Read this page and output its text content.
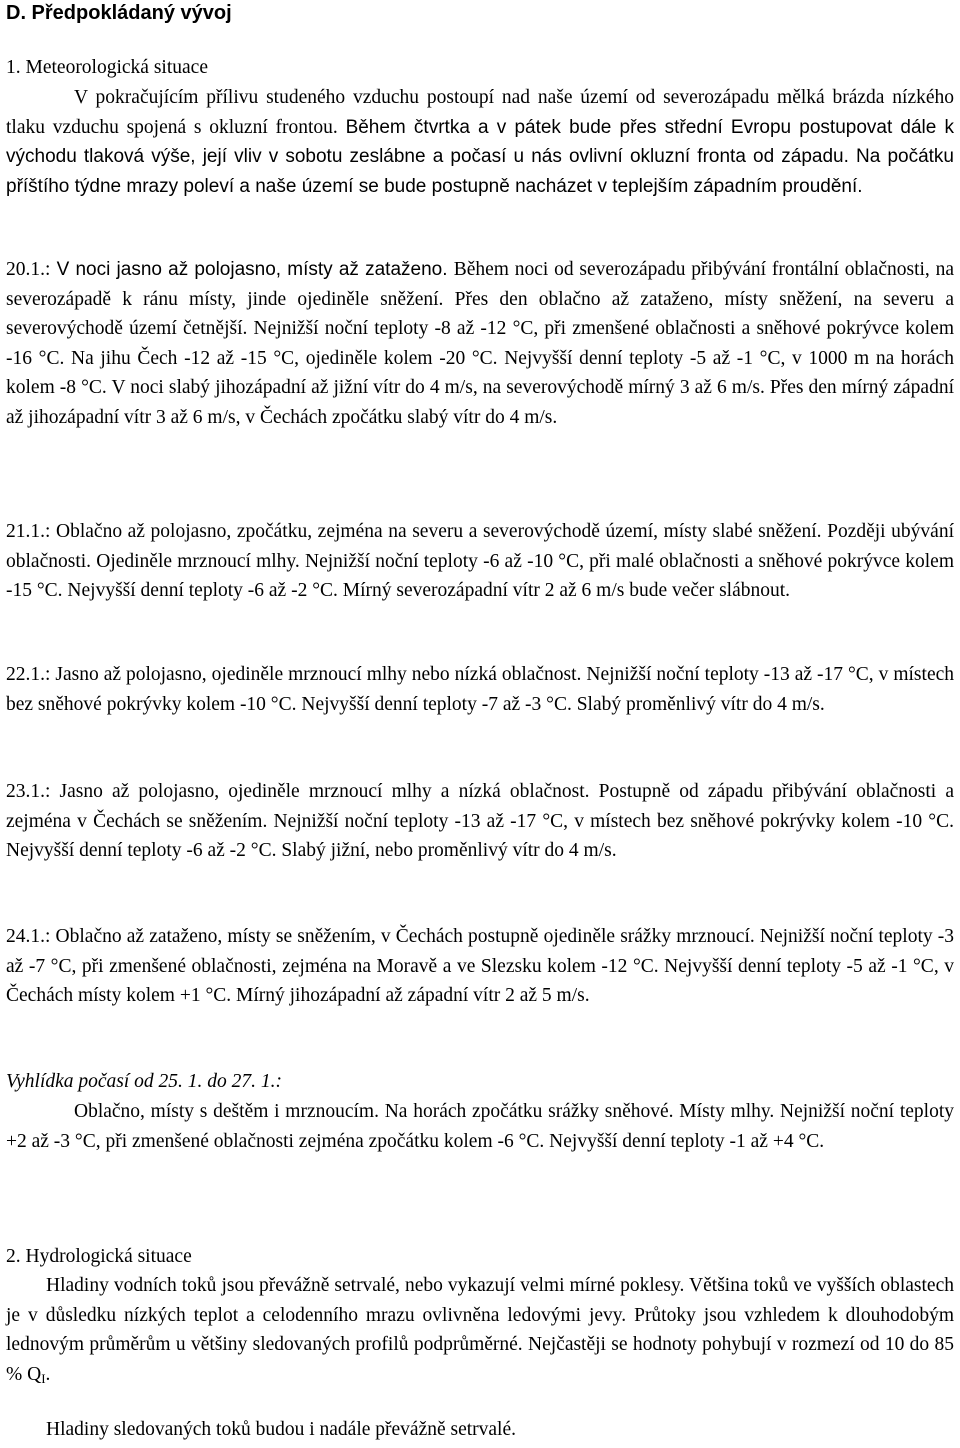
D. Předpokládaný vývoj

1. Meteorologická situace

V pokračujícím přílivu studeného vzduchu postoupí nad naše území od severozápadu mělká brázda nízkého tlaku vzduchu spojená s okluzní frontou. Během čtvrtka a v pátek bude přes střední Evropu postupovat dále k východu tlaková výše, její vliv v sobotu zeslábne a počasí u nás ovlivní okluzní fronta od západu. Na počátku příštího týdne mrazy poleví a naše území se bude postupně nacházet v teplejším západním proudění.

20.1.: V noci jasno až polojasno, místy až zataženo. Během noci od severozápadu přibývání frontální oblačnosti, na severozápadě k ránu místy, jinde ojediněle sněžení. Přes den oblačno až zataženo, místy sněžení, na severu a severovýchodě území četnější. Nejnižší noční teploty -8 až -12 °C, při zmenšené oblačnosti a sněhové pokrývce kolem -16 °C. Na jihu Čech -12 až -15 °C, ojediněle kolem -20 °C. Nejvyšší denní teploty -5 až -1 °C, v 1000 m na horách kolem -8 °C. V noci slabý jihozápadní až jižní vítr do 4 m/s, na severovýchodě mírný 3 až 6 m/s. Přes den mírný západní až jihozápadní vítr 3 až 6 m/s, v Čechách zpočátku slabý vítr do 4 m/s.

21.1.: Oblačno až polojasno, zpočátku, zejména na severu a severovýchodě území, místy slabé sněžení. Později ubývání oblačnosti. Ojediněle mrznoucí mlhy. Nejnižší noční teploty -6 až -10 °C, při malé oblačnosti a sněhové pokrývce kolem -15 °C. Nejvyšší denní teploty -6 až -2 °C. Mírný severozápadní vítr 2 až 6 m/s bude večer slábnout.

22.1.: Jasno až polojasno, ojediněle mrznoucí mlhy nebo nízká oblačnost. Nejnižší noční teploty -13 až -17 °C, v místech bez sněhové pokrývky kolem -10 °C. Nejvyšší denní teploty -7 až -3 °C. Slabý proměnlivý vítr do 4 m/s.

23.1.: Jasno až polojasno, ojediněle mrznoucí mlhy a nízká oblačnost. Postupně od západu přibývání oblačnosti a zejména v Čechách se sněžením. Nejnižší noční teploty -13 až -17 °C, v místech bez sněhové pokrývky kolem -10 °C. Nejvyšší denní teploty -6 až -2 °C. Slabý jižní, nebo proměnlivý vítr do 4 m/s.

24.1.: Oblačno až zataženo, místy se sněžením, v Čechách postupně ojediněle srážky mrznoucí. Nejnižší noční teploty -3 až -7 °C, při zmenšené oblačnosti, zejména na Moravě a ve Slezsku kolem -12 °C. Nejvyšší denní teploty -5 až -1 °C, v Čechách místy kolem +1 °C. Mírný jihozápadní až západní vítr 2 až 5 m/s.

Vyhlídka počasí od 25. 1. do 27. 1.:

Oblačno, místy s deštěm i mrznoucím. Na horách zpočátku srážky sněhové. Místy mlhy. Nejnižší noční teploty +2 až -3 °C, při zmenšené oblačnosti zejména zpočátku kolem -6 °C. Nejvyšší denní teploty -1 až +4 °C.

2. Hydrologická situace

Hladiny vodních toků jsou převážně setrvalé, nebo vykazují velmi mírné poklesy. Většina toků ve vyšších oblastech je v důsledku nízkých teplot a celodenního mrazu ovlivněna ledovými jevy. Průtoky jsou vzhledem k dlouhodobým lednovým průměrům u většiny sledovaných profilů podprůměrné. Nejčastěji se hodnoty pohybují v rozmezí od 10 do 85 % $Q_I$.

Hladiny sledovaných toků budou i nadále převážně setrvalé.
